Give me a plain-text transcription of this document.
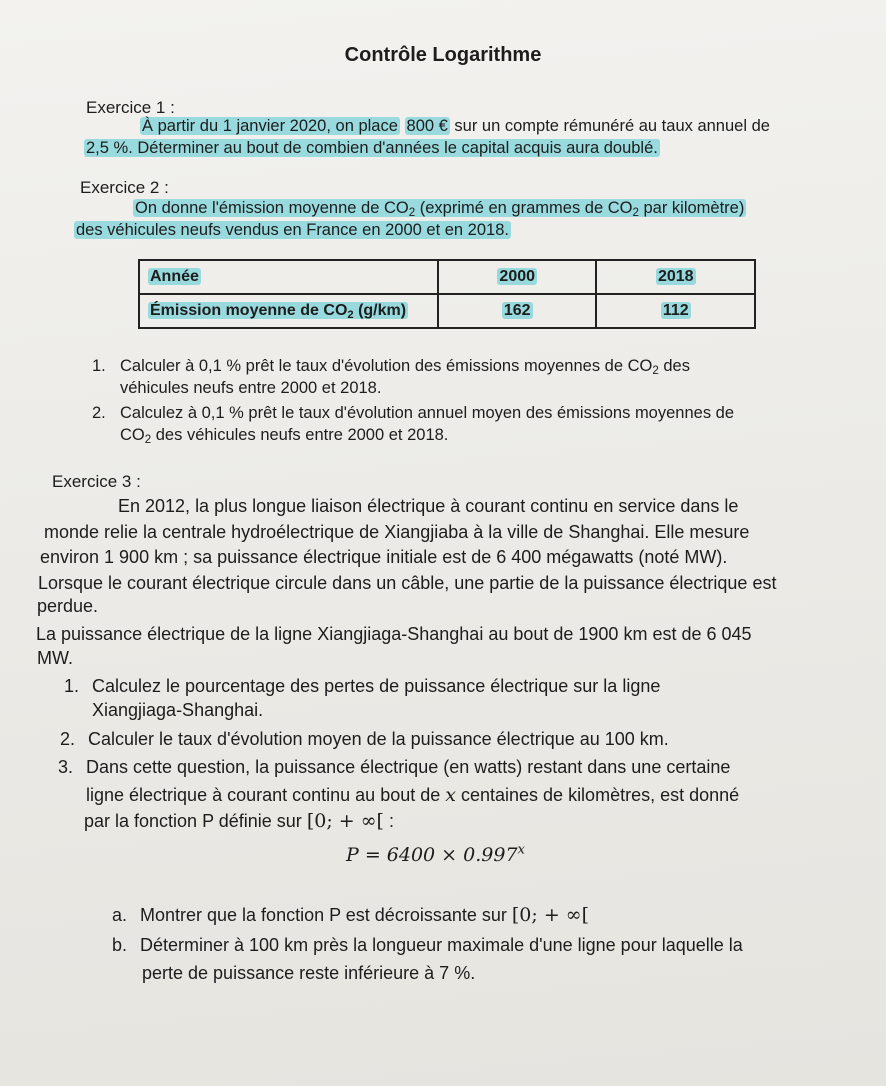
Contrôle Logarithme
Exercice 1 :
À partir du 1 janvier 2020, on place 800 € sur un compte rémunéré au taux annuel de
2,5 %. Déterminer au bout de combien d'années le capital acquis aura doublé.
Exercice 2 :
On donne l'émission moyenne de $CO_2$ (exprimé en grammes de $CO_2$ par kilomètre)
des véhicules neufs vendus en France en 2000 et en 2018.
Année	2000	2018
Émission moyenne de $CO_2$ (g/km)	162	112
1. Calculer à 0,1 % prêt le taux d'évolution des émissions moyennes de $CO_2$ des
véhicules neufs entre 2000 et 2018.
2. Calculez à 0,1 % prêt le taux d'évolution annuel moyen des émissions moyennes de
$CO_2$ des véhicules neufs entre 2000 et 2018.
Exercice 3 :
En 2012, la plus longue liaison électrique à courant continu en service dans le
monde relie la centrale hydroélectrique de Xiangjiaba à la ville de Shanghai. Elle mesure
environ 1 900 km ; sa puissance électrique initiale est de 6 400 mégawatts (noté MW).
Lorsque le courant électrique circule dans un câble, une partie de la puissance électrique est
perdue.
La puissance électrique de la ligne Xiangjiaga-Shanghai au bout de 1900 km est de 6 045
MW.
1. Calculez le pourcentage des pertes de puissance électrique sur la ligne
Xiangjiaga-Shanghai.
2. Calculer le taux d'évolution moyen de la puissance électrique au 100 km.
3. Dans cette question, la puissance électrique (en watts) restant dans une certaine
ligne électrique à courant continu au bout de x centaines de kilomètres, est donné
par la fonction P définie sur [0; + ∞[ :
$P = 6400 \times 0.997^x$
a. Montrer que la fonction P est décroissante sur [0; + ∞[
b. Déterminer à 100 km près la longueur maximale d'une ligne pour laquelle la
perte de puissance reste inférieure à 7 %.
